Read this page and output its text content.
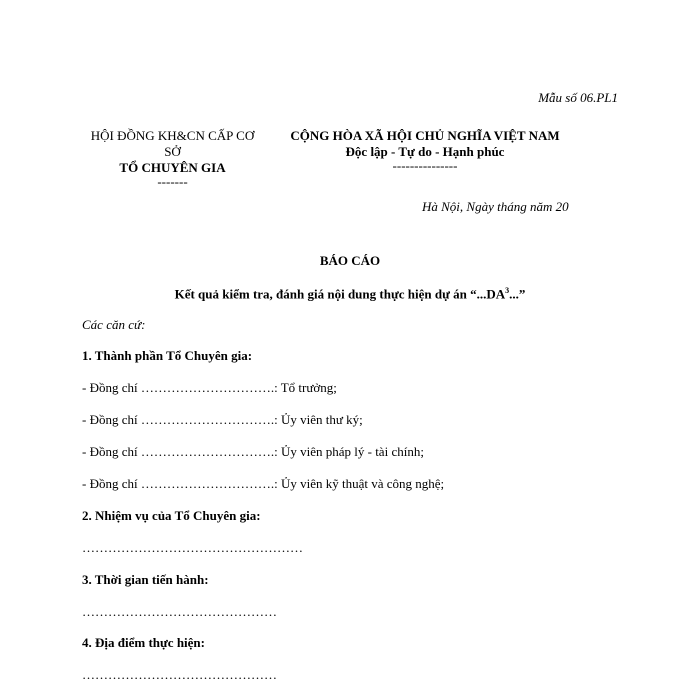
Mẫu số 06.PL1
HỘI ĐỒNG KH&CN CẤP CƠ
SỞ
TỔ CHUYÊN GIA
-------
CỘNG HÒA XÃ HỘI CHỦ NGHĨA VIỆT NAM
Độc lập - Tự do - Hạnh phúc
---------------
Hà Nội, Ngày tháng năm 20
BÁO CÁO
Kết quả kiểm tra, đánh giá nội dung thực hiện dự án “$...DA^3$...”
Các căn cứ:
1. Thành phần Tổ Chuyên gia:
- Đồng chí ………………………….: Tổ trưởng;
- Đồng chí ………………………….: Ủy viên thư ký;
- Đồng chí ………………………….: Ủy viên pháp lý - tài chính;
- Đồng chí ………………………….: Ủy viên kỹ thuật và công nghệ;
2. Nhiệm vụ của Tổ Chuyên gia:
……………………………………………
3. Thời gian tiến hành:
………………………………………
4. Địa điểm thực hiện:
………………………………………
